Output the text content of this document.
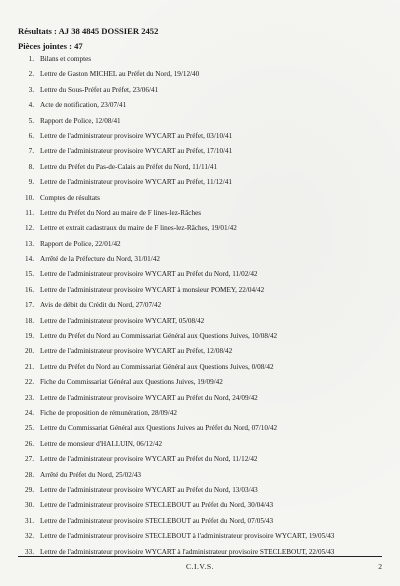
Résultats : AJ 38 4845 DOSSIER 2452
Pièces jointes : 47
1. Bilans et comptes
2. Lettre de Gaston MICHEL au Préfet du Nord, 19/12/40
3. Lettre du Sous-Préfet au Préfet, 23/06/41
4. Acte de notification, 23/07/41
5. Rapport de Police, 12/08/41
6. Lettre de l'administrateur provisoire WYCART au Préfet, 03/10/41
7. Lettre de l'administrateur provisoire WYCART au Préfet, 17/10/41
8. Lettre du Préfet du Pas-de-Calais au Préfet du Nord, 11/11/41
9. Lettre de l'administrateur provisoire WYCART au Préfet, 11/12/41
10. Comptes de résultats
11. Lettre du Préfet du Nord au maire de F lines-lez-Râches
12. Lettre et extrait cadastraux du maire de F lines-lez-Râches, 19/01/42
13. Rapport de Police, 22/01/42
14. Arrêté de la Préfecture du Nord, 31/01/42
15. Lettre de l'administrateur provisoire WYCART au Préfet du Nord, 11/02/42
16. Lettre de l'administrateur provisoire WYCART à monsieur POMEY, 22/04/42
17. Avis de débit du Crédit du Nord, 27/07/42
18. Lettre de l'administrateur provisoire WYCART, 05/08/42
19. Lettre du Préfet du Nord au Commissariat Général aux Questions Juives, 10/08/42
20. Lettre de l'administrateur provisoire WYCART au Préfet, 12/08/42
21. Lettre du Préfet du Nord au Commissariat Général aux Questions Juives, 0/08/42
22. Fiche du Commissariat Général aux Questions Juives, 19/09/42
23. Lettre de l'administrateur provisoire WYCART au Préfet du Nord, 24/09/42
24. Fiche de proposition de rémunération, 28/09/42
25. Lettre du Commissariat Général aux Questions Juives au Préfet du Nord, 07/10/42
26. Lettre de monsieur d'HALLUIN, 06/12/42
27. Lettre de l'administrateur provisoire WYCART au Préfet du Nord, 11/12/42
28. Arrêté du Préfet du Nord, 25/02/43
29. Lettre de l'administrateur provisoire WYCART au Préfet du Nord, 13/03/43
30. Lettre de l'administrateur provisoire STECLEBOUT au Préfet du Nord, 30/04/43
31. Lettre de l'administrateur provisoire STECLEBOUT au Préfet du Nord, 07/05/43
32. Lettre de l'administrateur provisoire STECLEBOUT à l'administrateur provisoire WYCART, 19/05/43
33. Lettre de l'administrateur provisoire WYCART à l'administrateur provisoire STECLEBOUT, 22/05/43
C.I.V.S.	2
